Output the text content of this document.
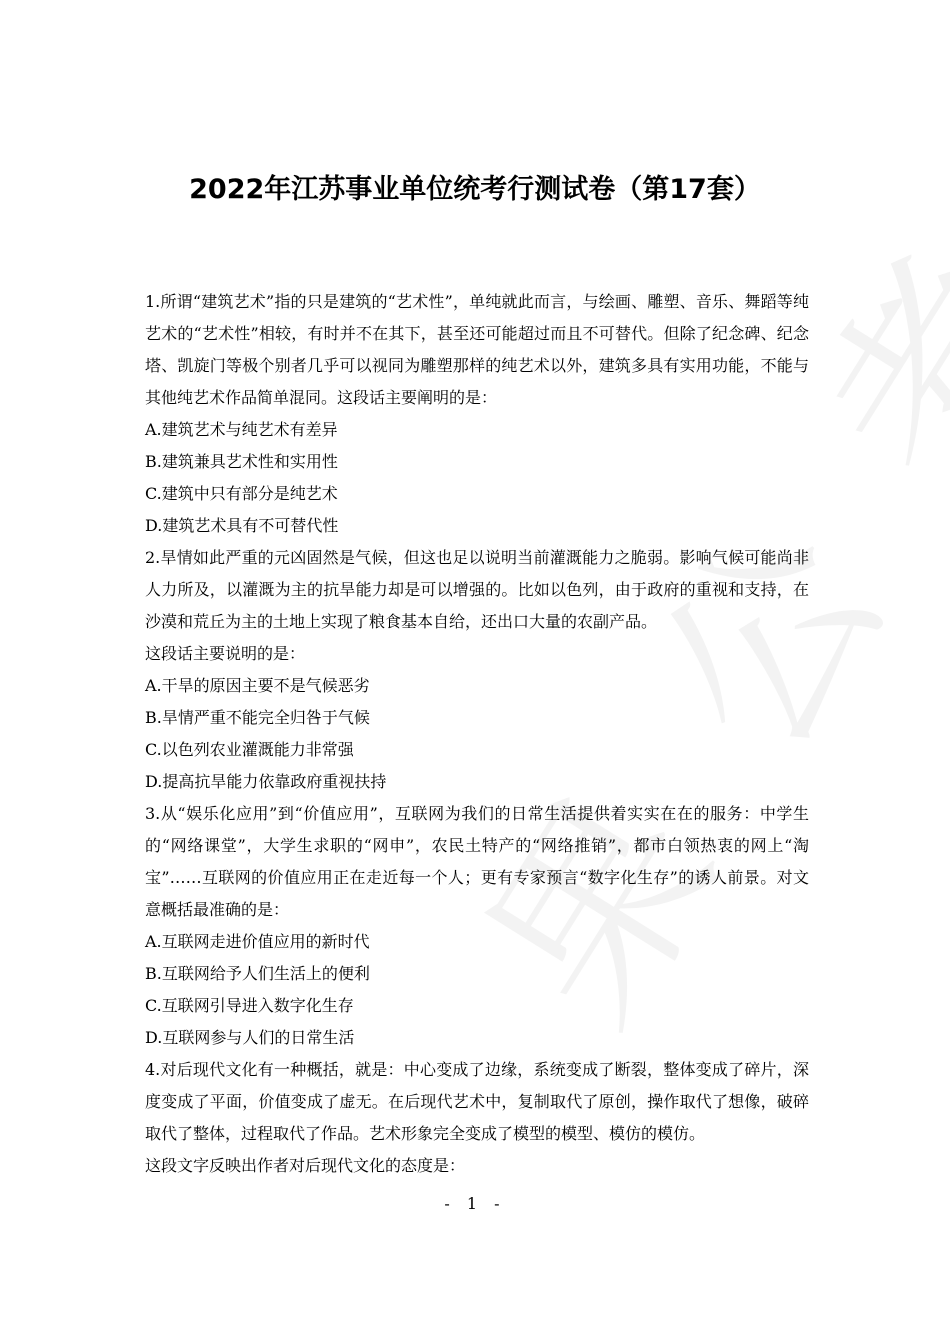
2022年江苏事业单位统考行测试卷（第17套）

1.所谓“建筑艺术”指的只是建筑的“艺术性”，单纯就此而言，与绘画、雕塑、音乐、舞蹈等纯艺术的“艺术性”相较，有时并不在其下，甚至还可能超过而且不可替代。但除了纪念碑、纪念塔、凯旋门等极个别者几乎可以视同为雕塑那样的纯艺术以外，建筑多具有实用功能，不能与其他纯艺术作品简单混同。这段话主要阐明的是：

A.建筑艺术与纯艺术有差异

B.建筑兼具艺术性和实用性

C.建筑中只有部分是纯艺术

D.建筑艺术具有不可替代性

2.旱情如此严重的元凶固然是气候，但这也足以说明当前灌溉能力之脆弱。影响气候可能尚非人力所及，以灌溉为主的抗旱能力却是可以增强的。比如以色列，由于政府的重视和支持，在沙漠和荒丘为主的土地上实现了粮食基本自给，还出口大量的农副产品。

这段话主要说明的是：

A.干旱的原因主要不是气候恶劣

B.旱情严重不能完全归咎于气候

C.以色列农业灌溉能力非常强

D.提高抗旱能力依靠政府重视扶持

3.从“娱乐化应用”到“价值应用”，互联网为我们的日常生活提供着实实在在的服务：中学生的“网络课堂”，大学生求职的“网申”，农民土特产的“网络推销”，都市白领热衷的网上“淘宝”……互联网的价值应用正在走近每一个人；更有专家预言“数字化生存”的诱人前景。对文意概括最准确的是：

A.互联网走进价值应用的新时代

B.互联网给予人们生活上的便利

C.互联网引导进入数字化生存

D.互联网参与人们的日常生活

4.对后现代文化有一种概括，就是：中心变成了边缘，系统变成了断裂，整体变成了碎片，深度变成了平面，价值变成了虚无。在后现代艺术中，复制取代了原创，操作取代了想像，破碎取代了整体，过程取代了作品。艺术形象完全变成了模型的模型、模仿的模仿。

这段文字反映出作者对后现代文化的态度是：

- 1 -
